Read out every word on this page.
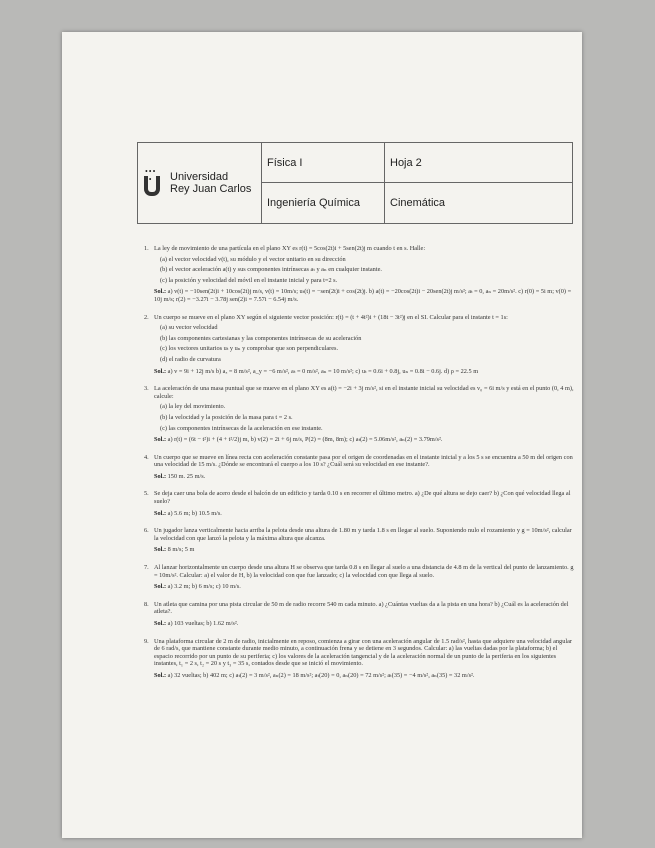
•••
••	Universidad
Rey Juan Carlos
Física I
Ingeniería Química
Hoja 2
Cinemática
1. La ley de movimiento de una partícula en el plano XY es r(t) = 5cos(2t)i + 5sen(2t)j m cuando t en s. Halle:
(a) el vector velocidad v(t), su módulo y el vector unitario en su dirección
(b) el vector aceleración a(t) y sus componentes intrínsecas aₜ y aₙ en cualquier instante.
(c) la posición y velocidad del móvil en el instante inicial y para t=2 s.
Sol.: a) v(t) = −10sen(2t)i + 10cos(2t)j m/s, v(t) = 10m/s; uₜ(t) = −sen(2t)i + cos(2t)j. b) a(t) = −20cos(2t)i − 20sen(2t)j m/s²; aₜ = 0, aₙ = 20m/s². c) r(0) = 5i m; v(0) = 10j m/s; r(2) = −3.27i − 3.78j sen(2)i = 7.57i − 6.54j m/s.
2. Un cuerpo se mueve en el plano XY según el siguiente vector posición: r(t) = (t + 4t²)i + (18t − 3t²)j en el SI. Calcular para el instante t = 1s:
(a) su vector velocidad
(b) las componentes cartesianas y las componentes intrínsecas de su aceleración
(c) los vectores unitarios uₜ y uₙ y comprobar que son perpendiculares.
(d) el radio de curvatura
Sol.: a) v = 9i + 12j m/s b) aₓ = 8 m/s², a_y = −6 m/s², aₜ = 0 m/s², aₙ = 10 m/s²; c) uₜ = 0.6i + 0.8j, uₙ = 0.8i − 0.6j. d) ρ = 22.5 m
3. La aceleración de una masa puntual que se mueve en el plano XY es a(t) = −2i + 3j m/s², si en el instante inicial su velocidad es v₀ = 6i m/s y está en el punto (0, 4 m), calcule:
(a) la ley del movimiento.
(b) la velocidad y la posición de la masa para t = 2 s.
(c) las componentes intrínsecas de la aceleración en ese instante.
Sol.: a) r(t) = (6t − t²)i + (4 + t²/2)j m, b) v(2) = 2i + 6j m/s, P(2) = (8m, 8m); c) aₜ(2) = 5.06m/s², aₙ(2) = 3.79m/s².
4. Un cuerpo que se mueve en línea recta con aceleración constante pasa por el origen de coordenadas en el instante inicial y a los 5 s se encuentra a 50 m del origen con una velocidad de 15 m/s. ¿Dónde se encontrará el cuerpo a los 10 s? ¿Cuál será su velocidad en ese instante?.
Sol.: 150 m. 25 m/s.
5. Se deja caer una bola de acero desde el balcón de un edificio y tarda 0.10 s en recorrer el último metro. a) ¿De qué altura se dejo caer? b) ¿Con qué velocidad llega al suelo?
Sol.: a) 5.6 m; b) 10.5 m/s.
6. Un jugador lanza verticalmente hacia arriba la pelota desde una altura de 1.80 m y tarda 1.8 s en llegar al suelo. Suponiendo nulo el rozamiento y g = 10m/s², calcular la velocidad con que lanzó la pelota y la máxima altura que alcanza.
Sol.: 8 m/s; 5 m
7. Al lanzar horizontalmente un cuerpo desde una altura H se observa que tarda 0.8 s en llegar al suelo a una distancia de 4.8 m de la vertical del punto de lanzamiento. g = 10m/s². Calcular: a) el valor de H, b) la velocidad con que fue lanzado; c) la velocidad con que llega al suelo.
Sol.: a) 3.2 m; b) 6 m/s; c) 10 m/s.
8. Un atleta que camina por una pista circular de 50 m de radio recorre 540 m cada minuto. a) ¿Cuántas vueltas da a la pista en una hora? b) ¿Cuál es la aceleración del atleta?.
Sol.: a) 103 vueltas; b) 1.62 m/s².
9. Una plataforma circular de 2 m de radio, inicialmente en reposo, comienza a girar con una aceleración angular de 1.5 rad/s², hasta que adquiere una velocidad angular de 6 rad/s, que mantiene constante durante medio minuto, a continuación frena y se detiene en 3 segundos. Calcular: a) las vueltas dadas por la plataforma; b) el espacio recorrido por un punto de su periferia; c) los valores de la aceleración tangencial y de la aceleración normal de un punto de la periferia en los siguientes instantes, t₁ = 2 s, t₂ = 20 s y t₃ = 35 s, contados desde que se inició el movimiento.
Sol.: a) 32 vueltas; b) 402 m; c) aₜ(2) = 3 m/s², aₙ(2) = 18 m/s²; aₜ(20) = 0, aₙ(20) = 72 m/s²; aₜ(35) = −4 m/s², aₙ(35) = 32 m/s².
